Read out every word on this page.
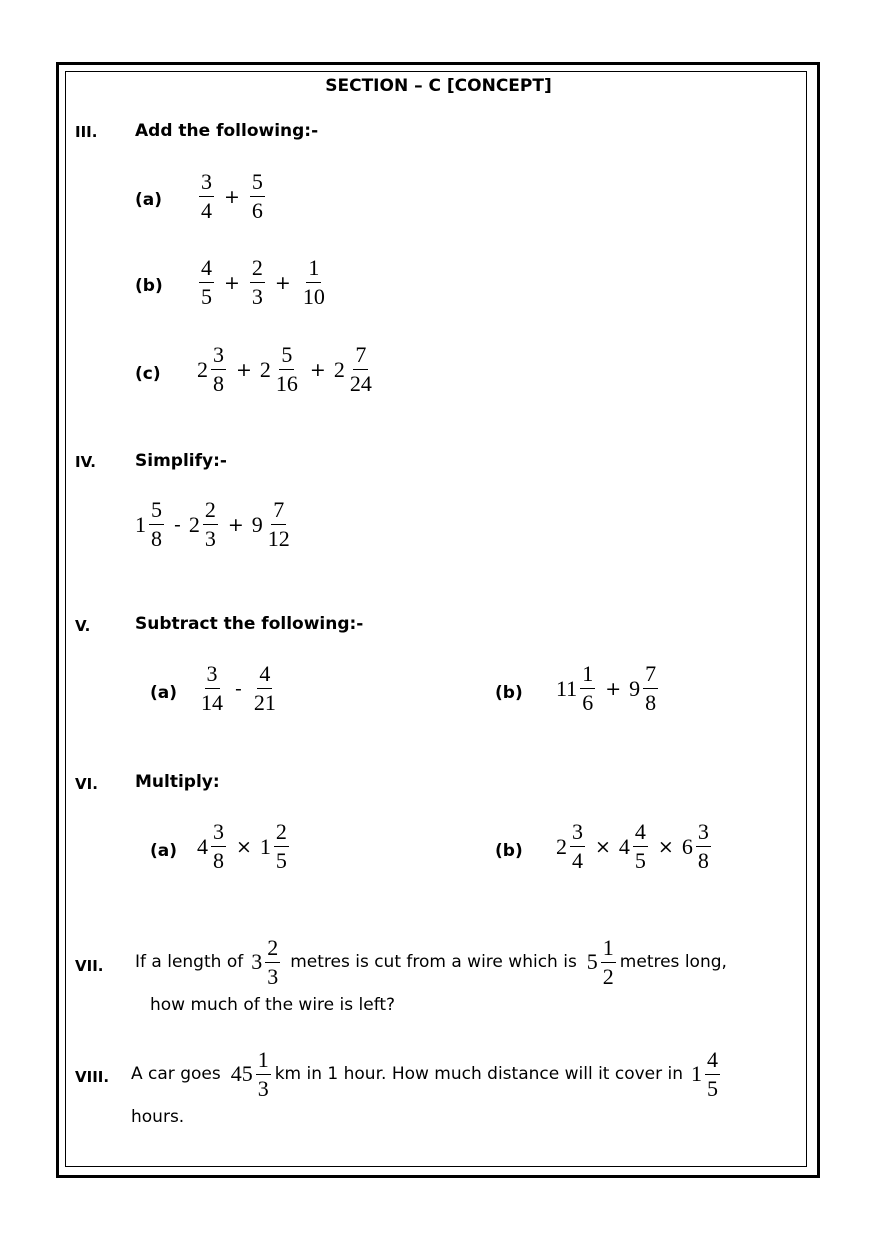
SECTION – C [CONCEPT]
III. Add the following:-
$(a) \frac{3}{4} + \frac{5}{6}$
$(b) \frac{4}{5} + \frac{2}{3} + \frac{1}{10}$
(c) $2 \frac{3}{8} + 2 \frac{5}{16} + 2 \frac{7}{24}$
IV. Simplify:-
$1 \frac{5}{8} - 2 \frac{2}{3} + 9 \frac{7}{12}$
V.	Subtract the following:-
$(a) \frac{3}{14} - \frac{4}{21}$	(b) $11 \frac{1}{6} + 9 \frac{7}{8}$
VI. Multiply:
(a) $4 \frac{3}{8} \times 1 \frac{2}{5}$	(b) $2 \frac{3}{4} \times 4 \frac{4}{5} \times 6 \frac{3}{8}$
VII. If a length of $3 \frac{2}{3}$ metres is cut from a wire which is $5 \frac{1}{2}$ metres long,
how much of the wire is left?
VIII. A car goes $45 \frac{1}{3}$ km in 1 hour. How much distance will it cover in $1 \frac{4}{5}$
hours.
